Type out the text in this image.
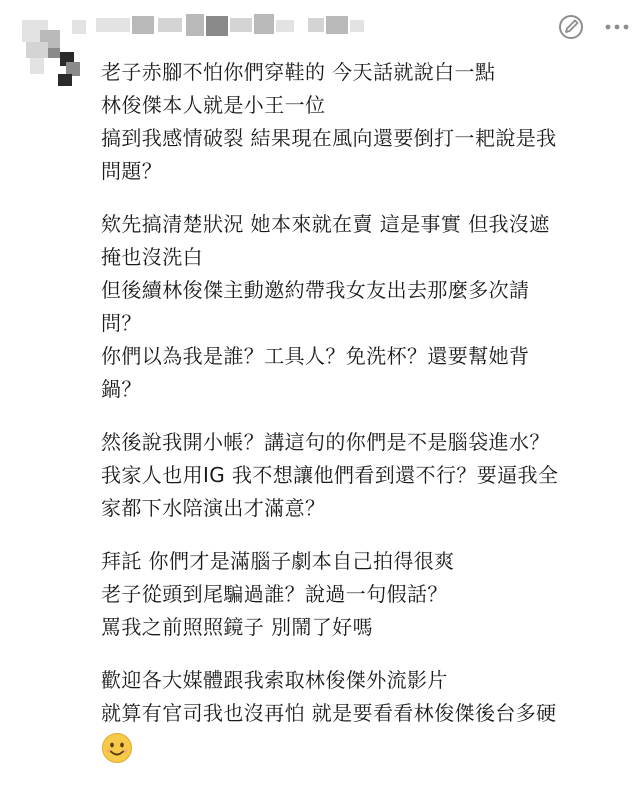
老子赤腳不怕你們穿鞋的 今天話就說白一點
林俊傑本人就是小王一位
搞到我感情破裂 結果現在風向還要倒打一耙說是我
問題？
欸先搞清楚狀況 她本來就在賣 這是事實 但我沒遮
掩也沒洗白
但後續林俊傑主動邀約帶我女友出去那麼多次請
問？
你們以為我是誰？工具人？免洗杯？還要幫她背
鍋？
然後說我開小帳？講這句的你們是不是腦袋進水？
我家人也用IG 我不想讓他們看到還不行？要逼我全
家都下水陪演出才滿意？
拜託 你們才是滿腦子劇本自己拍得很爽
老子從頭到尾騙過誰？說過一句假話？
罵我之前照照鏡子 別鬧了好嗎
歡迎各大媒體跟我索取林俊傑外流影片
就算有官司我也沒再怕 就是要看看林俊傑後台多硬
